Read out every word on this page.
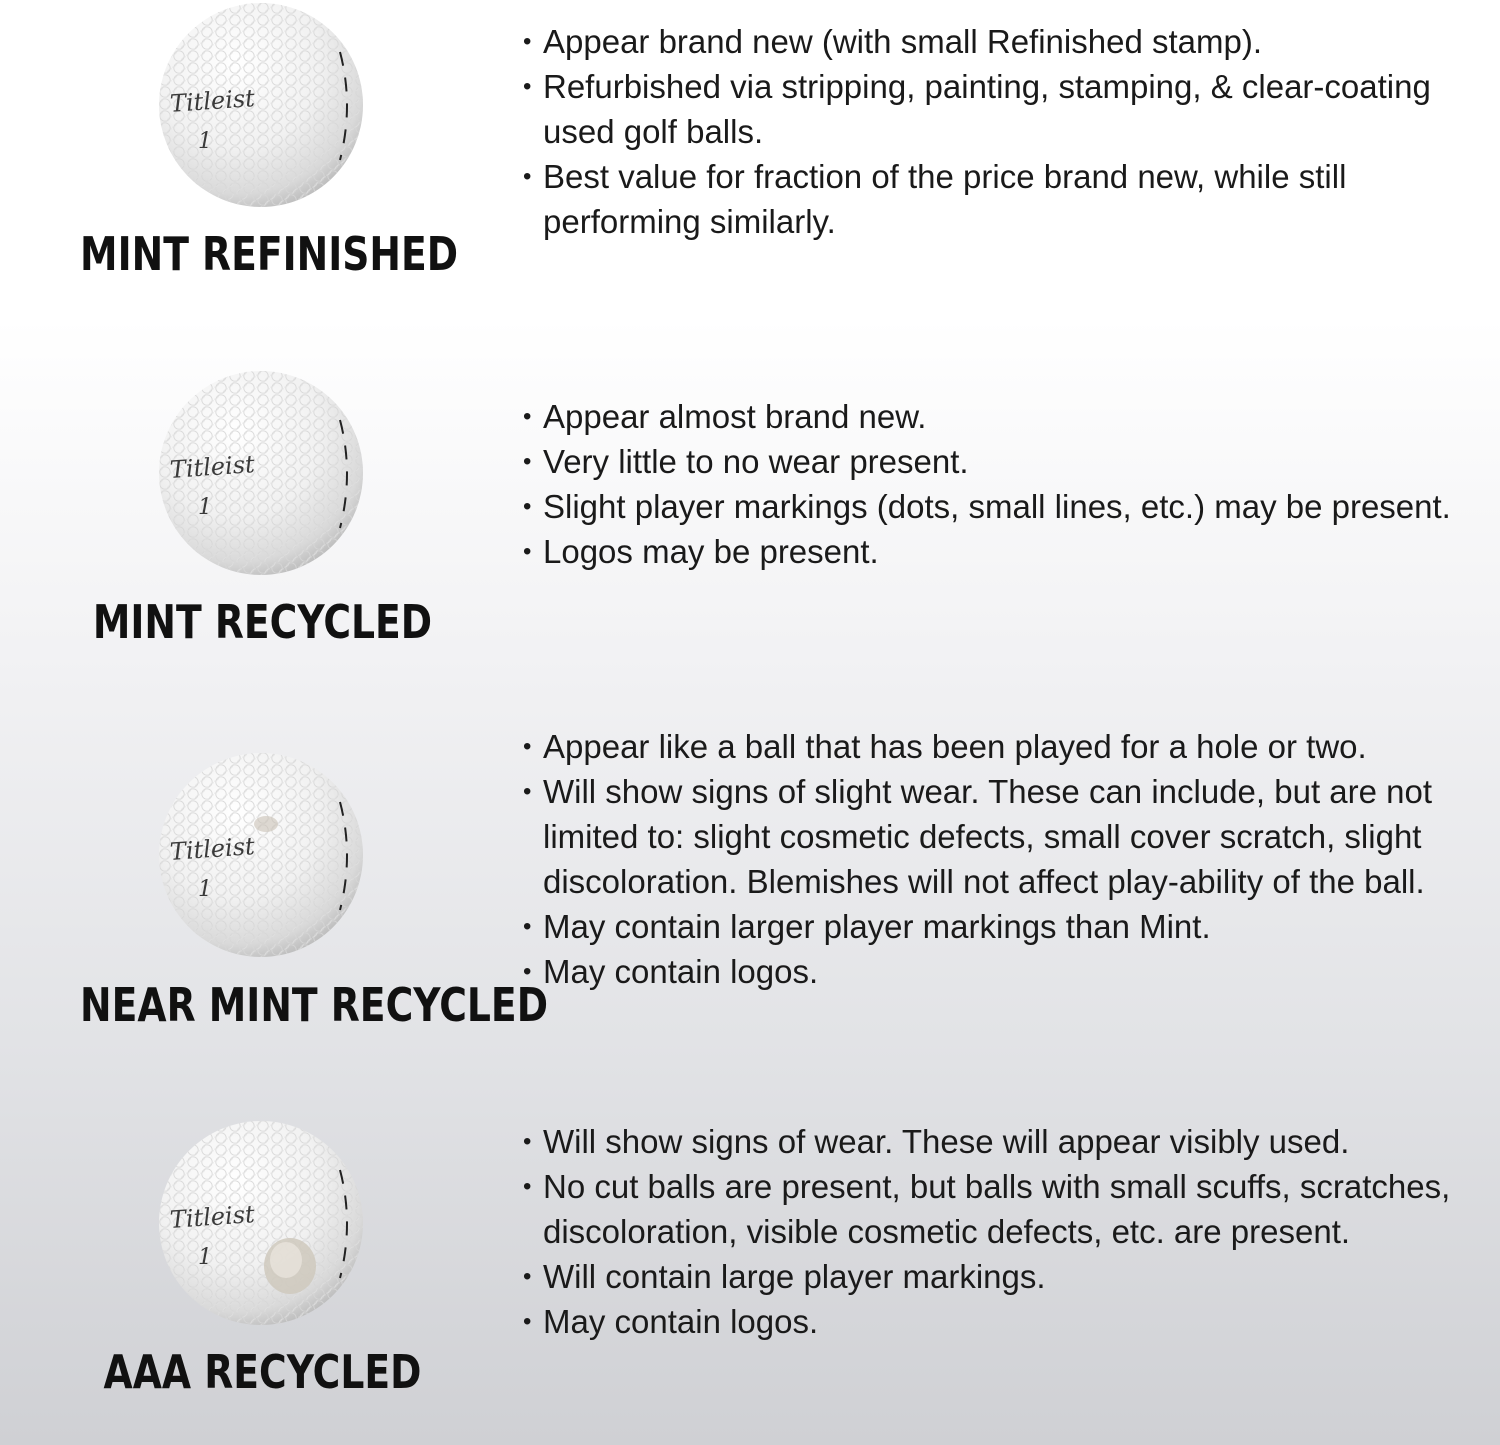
Titleist
1
MINT REFINISHED
• Appear brand new (with small Refinished stamp).
• Refurbished via stripping, painting, stamping, & clear-coating used golf balls.
• Best value for fraction of the price brand new, while still performing similarly.
Titleist
1
MINT RECYCLED
• Appear almost brand new.
• Very little to no wear present.
• Slight player markings (dots, small lines, etc.) may be present.
• Logos may be present.
Titleist
1
NEAR MINT RECYCLED
• Appear like a ball that has been played for a hole or two.
• Will show signs of slight wear. These can include, but are not limited to: slight cosmetic defects, small cover scratch, slight discoloration. Blemishes will not affect play-ability of the ball.
• May contain larger player markings than Mint.
• May contain logos.
Titleist
1
AAA RECYCLED
• Will show signs of wear. These will appear visibly used.
• No cut balls are present, but balls with small scuffs, scratches, discoloration, visible cosmetic defects, etc. are present.
• Will contain large player markings.
• May contain logos.
